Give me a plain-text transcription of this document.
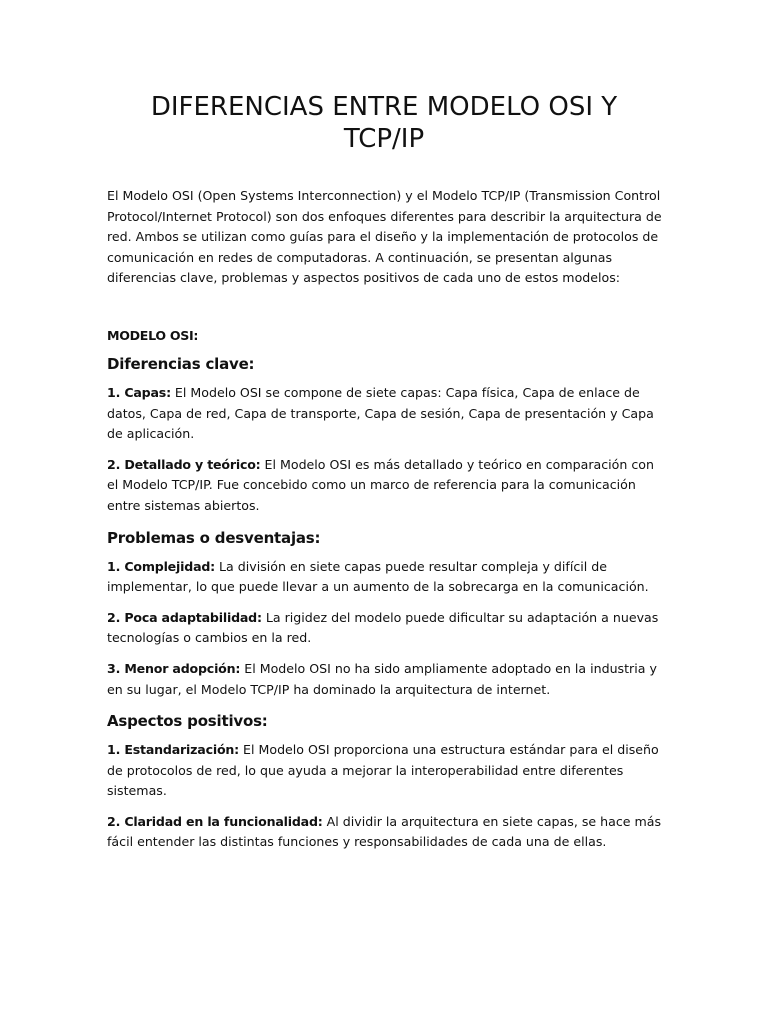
DIFERENCIAS ENTRE MODELO OSI Y TCP/IP

El Modelo OSI (Open Systems Interconnection) y el Modelo TCP/IP (Transmission Control Protocol/Internet Protocol) son dos enfoques diferentes para describir la arquitectura de red. Ambos se utilizan como guías para el diseño y la implementación de protocolos de comunicación en redes de computadoras. A continuación, se presentan algunas diferencias clave, problemas y aspectos positivos de cada uno de estos modelos:

MODELO OSI:

Diferencias clave:

1. Capas: El Modelo OSI se compone de siete capas: Capa física, Capa de enlace de datos, Capa de red, Capa de transporte, Capa de sesión, Capa de presentación y Capa de aplicación.

2. Detallado y teórico: El Modelo OSI es más detallado y teórico en comparación con el Modelo TCP/IP. Fue concebido como un marco de referencia para la comunicación entre sistemas abiertos.

Problemas o desventajas:

1. Complejidad: La división en siete capas puede resultar compleja y difícil de implementar, lo que puede llevar a un aumento de la sobrecarga en la comunicación.

2. Poca adaptabilidad: La rigidez del modelo puede dificultar su adaptación a nuevas tecnologías o cambios en la red.

3. Menor adopción: El Modelo OSI no ha sido ampliamente adoptado en la industria y en su lugar, el Modelo TCP/IP ha dominado la arquitectura de internet.

Aspectos positivos:

1. Estandarización: El Modelo OSI proporciona una estructura estándar para el diseño de protocolos de red, lo que ayuda a mejorar la interoperabilidad entre diferentes sistemas.

2. Claridad en la funcionalidad: Al dividir la arquitectura en siete capas, se hace más fácil entender las distintas funciones y responsabilidades de cada una de ellas.
